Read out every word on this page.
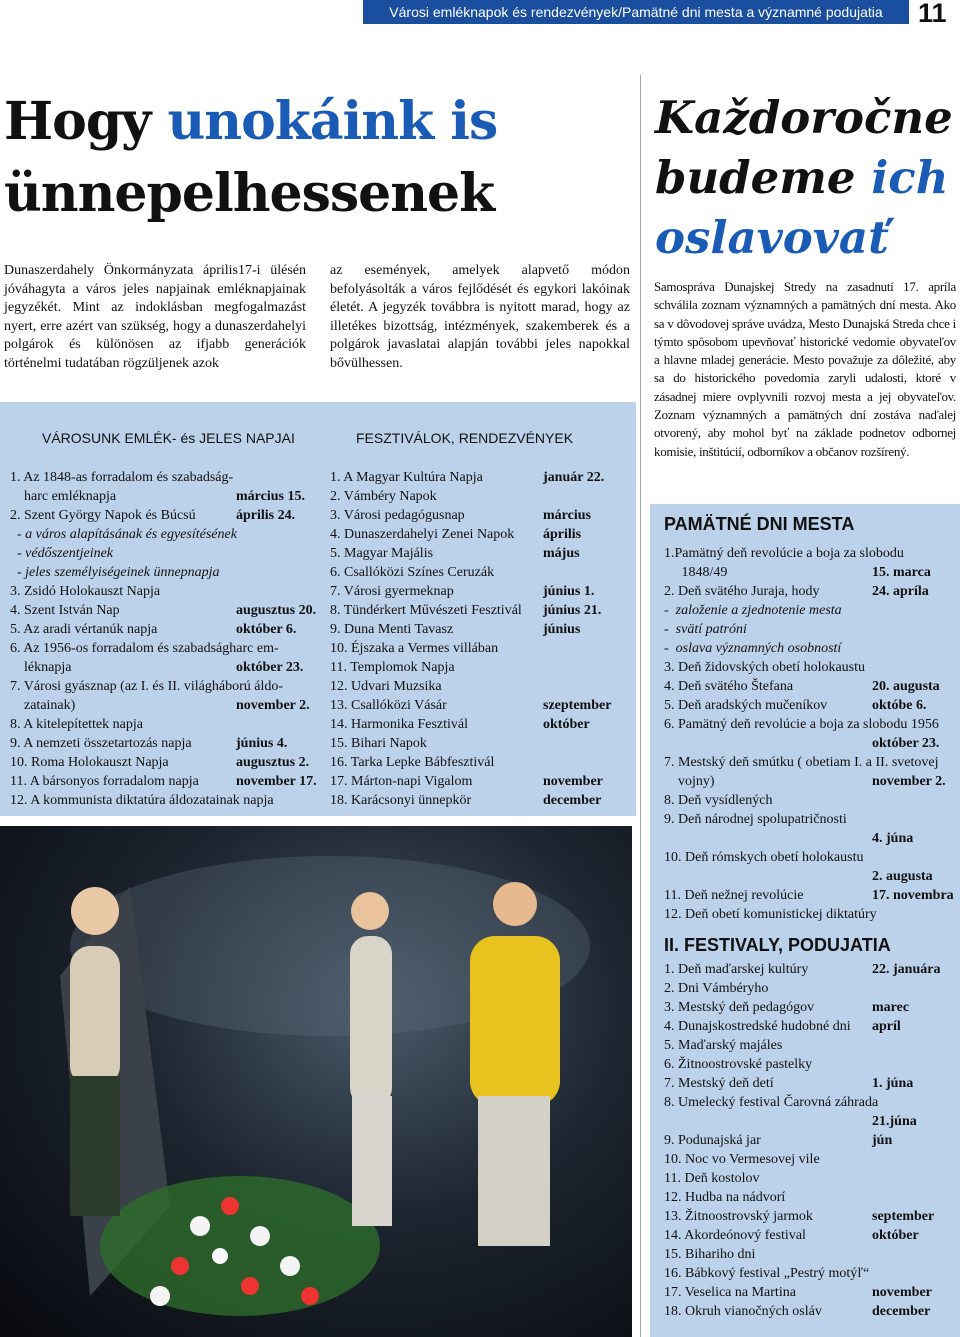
Városi emléknapok és rendezvények/Pamätné dni mesta a významné podujatia	11
Hogy unokáink is
ünnepelhessenek

Dunaszerdahely Önkormányzata április17-i ülésén jóváhagyta a város jeles napjainak emléknapjainak jegyzékét. Mint az indoklásban megfogalmazást nyert, erre azért van szükség, hogy a dunaszerdahelyi polgárok és különösen az ifjabb generációk történelmi tudatában rögzüljenek azok

az események, amelyek alapvető módon befolyásolták a város fejlődését és egykori lakóinak életét. A jegyzék továbbra is nyitott marad, hogy az illetékes bizottság, intézmények, szakemberek és a polgárok javaslatai alapján további jeles napokkal bővülhessen.

VÁROSUNK EMLÉK- és JELES NAPJAI	FESZTIVÁLOK, RENDEZVÉNYEK
1. Az 1848-as forradalom és szabadság-
harc emléknapja	március 15.
2. Szent György Napok és Búcsú	április 24.
- a város alapításának és egyesítésének
- védőszentjeinek
- jeles személyiségeinek ünnepnapja
3. Zsidó Holokauszt Napja
4. Szent István Nap	augusztus 20.
5. Az aradi vértanúk napja	október 6.
6. Az 1956-os forradalom és szabadságharc em-
léknapja	október 23.
7. Városi gyásznap (az I. és II. világháború áldo-
zatainak)	november 2.
8. A kitelepítettek napja
9. A nemzeti összetartozás napja	június 4.
10. Roma Holokauszt Napja	augusztus 2.
11. A bársonyos forradalom napja	november 17.
12. A kommunista diktatúra áldozatainak napja
1. A Magyar Kultúra Napja	január 22.
2. Vámbéry Napok
3. Városi pedagógusnap	március
4. Dunaszerdahelyi Zenei Napok április
5. Magyar Majális	május
6. Csallóközi Színes Ceruzák
7. Városi gyermeknap	június 1.
8. Tündérkert Művészeti Fesztivál június 21.
9. Duna Menti Tavasz	június
10. Éjszaka a Vermes villában
11. Templomok Napja
12. Udvari Muzsika
13. Csallóközi Vásár	szeptember
14. Harmonika Fesztivál	október
15. Bihari Napok
16. Tarka Lepke Bábfesztivál
17. Márton-napi Vigalom	november
18. Karácsonyi ünnepkör	december
Každoročne
budeme ich
oslavovať

Samospráva Dunajskej Stredy na zasadnutí 17. apríla schválila zoznam významných a pamätných dní mesta. Ako sa v dôvodovej správe uvádza, Mesto Dunajská Streda chce i týmto spôsobom upevňovať historické vedomie obyvateľov a hlavne mladej generácie. Mesto považuje za dôležité, aby sa do historického povedomia zaryli udalosti, ktoré v zásadnej miere ovplyvnili rozvoj mesta a jej obyvateľov. Zoznam významných a pamätných dní zostáva naďalej otvorený, aby mohol byť na základe podnetov odbornej komisie, inštitúcií, odborníkov a občanov rozšírený.

PAMÄTNÉ DNI MESTA
1.Pamätný deň revolúcie a boja za slobodu
1848/49	15. marca
2. Deň svätého Juraja, hody	24. apríla
-  založenie a zjednotenie mesta
-  svätí patróni
-  oslava významných osobností
3. Deň židovských obetí holokaustu
4. Deň svätého Štefana	20. augusta
5. Deň aradských mučeníkov	októbe 6.
6. Pamätný deň revolúcie a boja za slobodu 1956
október 23.
7. Mestský deň smútku ( obetiam I. a II. svetovej
vojny)	november 2.
8. Deň vysídlených
9. Deň národnej spolupatričnosti
4. júna
10. Deň rómskych obetí holokaustu
2. augusta
11. Deň nežnej revolúcie	17. novembra
12. Deň obetí komunistickej diktatúry
II. FESTIVALY, PODUJATIA
1. Deň maďarskej kultúry	22. januára
2. Dni Vámbéryho
3. Mestský deň pedagógov	marec
4. Dunajskostredské hudobné dni apríl
5. Maďarský majáles
6. Žitnoostrovské pastelky
7. Mestský deň detí	1. júna
8. Umelecký festival Čarovná záhrada
21.júna
9. Podunajská jar	jún
10. Noc vo Vermesovej vile
11. Deň kostolov
12. Hudba na nádvorí
13. Žitnoostrovský jarmok	september
14. Akordeónový festival	október
15. Bihariho dni
16. Bábkový festival „Pestrý motýľ“
17. Veselica na Martina	november
18. Okruh vianočných osláv	december
